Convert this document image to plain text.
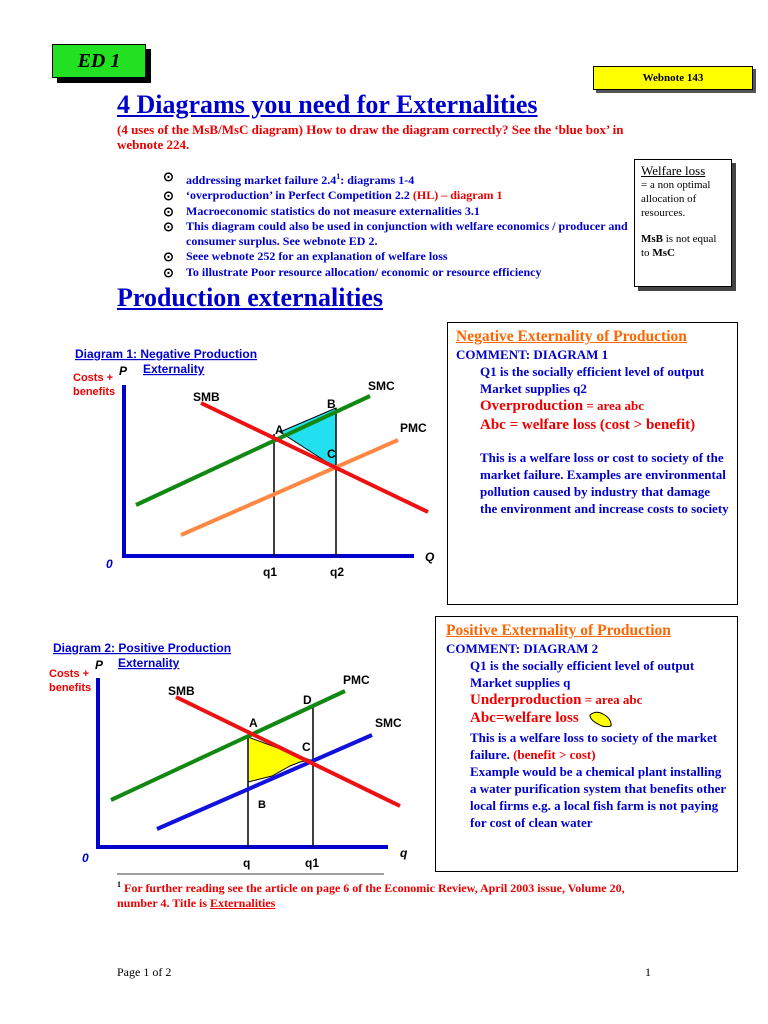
ED 1
Webnote 143
4 Diagrams you need for Externalities
(4 uses of the MsB/MsC diagram) How to draw the diagram correctly? See the ‘blue box’ in webnote 224.
⊙ addressing market failure $2.4^1$: diagrams 1-4
⊙ ‘overproduction’ in Perfect Competition 2.2 (HL) – diagram 1
⊙ Macroeconomic statistics do not measure externalities 3.1
⊙ This diagram could also be used in conjunction with welfare economics / producer and consumer surplus. See webnote ED 2.
⊙ Seee webnote 252 for an explanation of welfare loss
⊙ To illustrate Poor resource allocation/ economic or resource efficiency
Welfare loss
= a non optimal allocation of resources.
MsB is not equal to MsC
Production externalities
Diagram 1: Negative Production
Externality
Costs +
benefits
P
Q
0
SMC
PMC
SMB
A
B
C
q1	q2
Diagram 2: Positive Production
Externality
Costs +
benefits
P
q
0
PMC
SMC
SMB
A
D
C
B
q	q1
Negative Externality of Production
COMMENT: DIAGRAM 1
Q1 is the socially efficient level of output
Market supplies q2
Overproduction = area abc
Abc = welfare loss (cost > benefit)
This is a welfare loss or cost to society of the market failure. Examples are environmental pollution caused by industry that damage the environment and increase costs to society
Positive Externality of Production
COMMENT: DIAGRAM 2
Q1 is the socially efficient level of output
Market supplies q
Underproduction = area abc
Abc=welfare loss
This is a welfare loss to society of the market failure. (benefit > cost)
Example would be a chemical plant installing a water purification system that benefits other local firms e.g. a local fish farm is not paying for cost of clean water
$^1$ For further reading see the article on page 6 of the Economic Review, April 2003 issue, Volume 20, number 4. Title is Externalities
Page 1 of 2	1
